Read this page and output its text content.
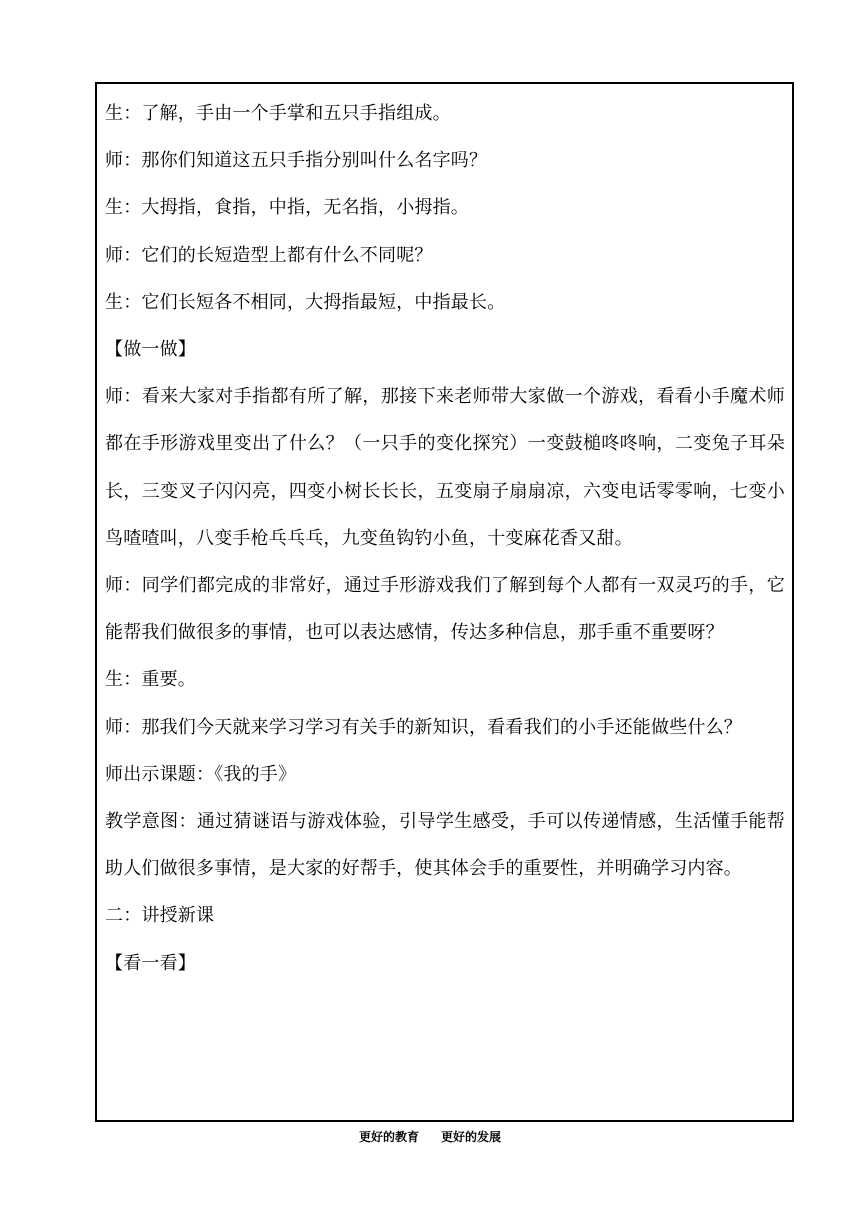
生：了解，手由一个手掌和五只手指组成。

师：那你们知道这五只手指分别叫什么名字吗？

生：大拇指，食指，中指，无名指，小拇指。

师：它们的长短造型上都有什么不同呢？

生：它们长短各不相同，大拇指最短，中指最长。

【做一做】

师：看来大家对手指都有所了解，那接下来老师带大家做一个游戏，看看小手魔术师都在手形游戏里变出了什么？（一只手的变化探究）一变鼓槌咚咚响，二变兔子耳朵长，三变叉子闪闪亮，四变小树长长长，五变扇子扇扇凉，六变电话零零响，七变小鸟喳喳叫，八变手枪乓乓乓，九变鱼钩钓小鱼，十变麻花香又甜。

师：同学们都完成的非常好，通过手形游戏我们了解到每个人都有一双灵巧的手，它能帮我们做很多的事情，也可以表达感情，传达多种信息，那手重不重要呀？

生：重要。

师：那我们今天就来学习学习有关手的新知识，看看我们的小手还能做些什么？

师出示课题：《我的手》

教学意图：通过猜谜语与游戏体验，引导学生感受，手可以传递情感，生活懂手能帮助人们做很多事情，是大家的好帮手，使其体会手的重要性，并明确学习内容。

二：讲授新课

【看一看】

更好的教育 更好的发展
